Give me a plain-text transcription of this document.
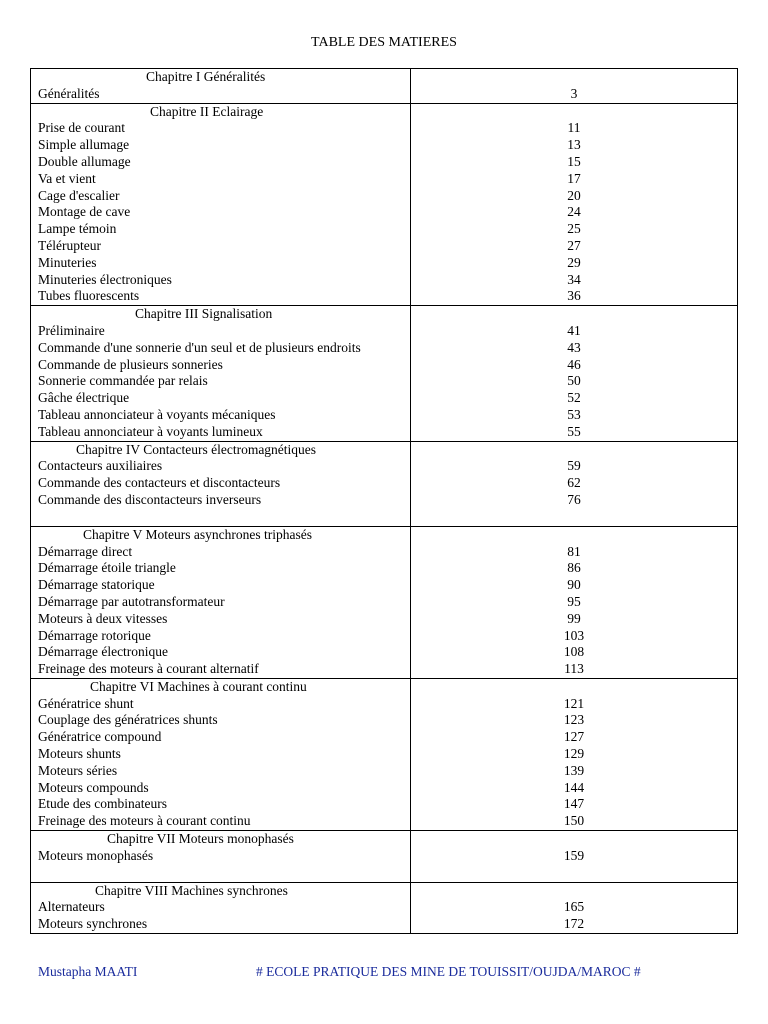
TABLE DES MATIERES
Chapitre I Généralités	
Généralités	3
Chapitre II Eclairage	
Prise de courant	11
Simple allumage	13
Double allumage	15
Va et vient	17
Cage d'escalier	20
Montage de cave	24
Lampe témoin	25
Télérupteur	27
Minuteries	29
Minuteries électroniques	34
Tubes fluorescents	36
Chapitre III Signalisation	
Préliminaire	41
Commande d'une sonnerie d'un seul et de plusieurs endroits	43
Commande de plusieurs sonneries	46
Sonnerie commandée par relais	50
Gâche électrique	52
Tableau annonciateur à voyants mécaniques	53
Tableau annonciateur à voyants lumineux	55
Chapitre IV Contacteurs électromagnétiques	
Contacteurs auxiliaires	59
Commande des contacteurs et discontacteurs	62
Commande des discontacteurs inverseurs	76

Chapitre V Moteurs asynchrones triphasés	
Démarrage direct	81
Démarrage étoile triangle	86
Démarrage statorique	90
Démarrage par autotransformateur	95
Moteurs à deux vitesses	99
Démarrage rotorique	103
Démarrage électronique	108
Freinage des moteurs à courant alternatif	113
Chapitre VI Machines à courant continu	
Génératrice shunt	121
Couplage des génératrices shunts	123
Génératrice compound	127
Moteurs shunts	129
Moteurs séries	139
Moteurs compounds	144
Etude des combinateurs	147
Freinage des moteurs à courant continu	150
Chapitre VII Moteurs monophasés	
Moteurs monophasés	159

Chapitre VIII Machines synchrones	
Alternateurs	165
Moteurs synchrones	172
Mustapha MAATI	# ECOLE PRATIQUE DES MINE DE TOUISSIT/OUJDA/MAROC #
